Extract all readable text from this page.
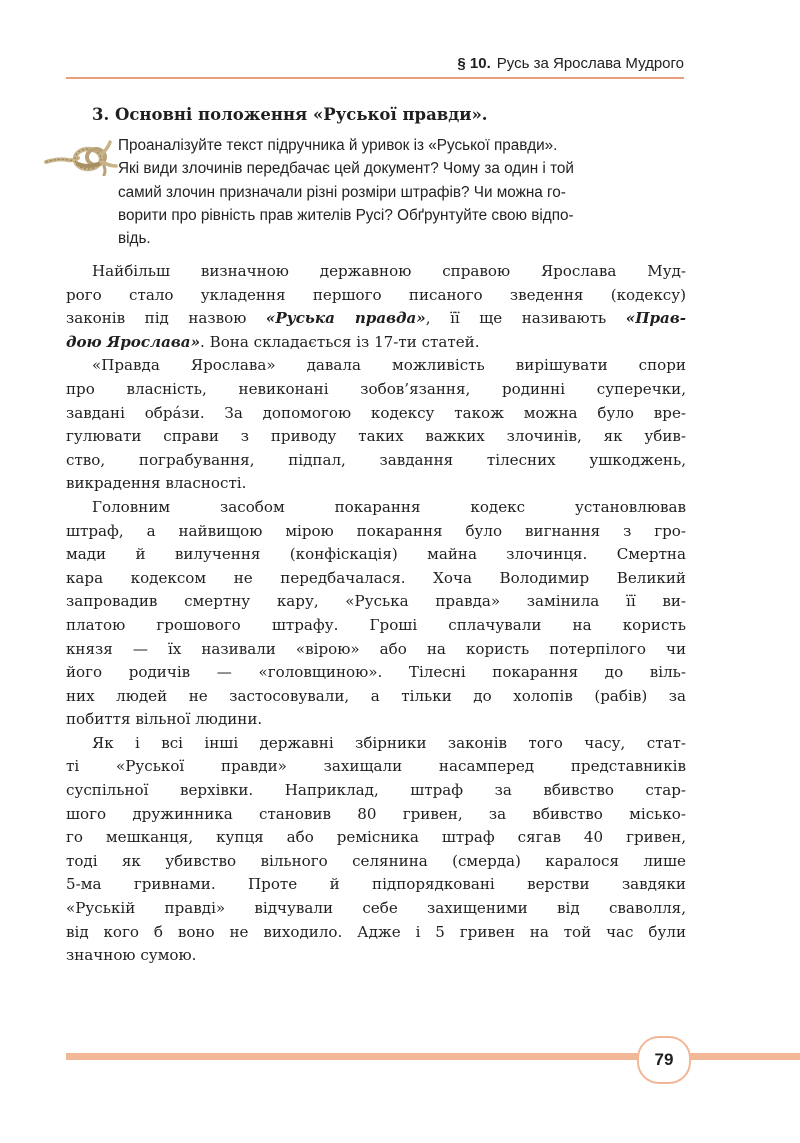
§ 10. Русь за Ярослава Мудрого
3. Основні положення «Руської правди».
Проаналізуйте текст підручника й уривок із «Руської правди».
Які види злочинів передбачає цей документ? Чому за один і той
самий злочин призначали різні розміри штрафів? Чи можна го-
ворити про рівність прав жителів Русі? Обґрунтуйте свою відпо-
відь.
Найбільш визначною державною справою Ярослава Муд-
рого стало укладення першого писаного зведення (кодексу)
законів під назвою «Руська правда», її ще називають «Прав-
дою Ярослава». Вона складається із 17-ти статей.
«Правда Ярослава» давала можливість вирішувати спори
про власність, невиконані зобов’язання, родинні суперечки,
завдані обрáзи. За допомогою кодексу також можна було вре-
гулювати справи з приводу таких важких злочинів, як убив-
ство, пограбування, підпал, завдання тілесних ушкоджень,
викрадення власності.
Головним засобом покарання кодекс установлював
штраф, а найвищою мірою покарання було вигнання з гро-
мади й вилучення (конфіскація) майна злочинця. Смертна
кара кодексом не передбачалася. Хоча Володимир Великий
запровадив смертну кару, «Руська правда» замінила її ви-
платою грошового штрафу. Гроші сплачували на користь
князя — їх називали «вірою» або на користь потерпілого чи
його родичів — «головщиною». Тілесні покарання до віль-
них людей не застосовували, а тільки до холопів (рабів) за
побиття вільної людини.
Як і всі інші державні збірники законів того часу, стат-
ті «Руської правди» захищали насамперед представників
суспільної верхівки. Наприклад, штраф за вбивство стар-
шого дружинника становив 80 гривен, за вбивство місько-
го мешканця, купця або ремісника штраф сягав 40 гривен,
тоді як убивство вільного селянина (смерда) каралося лише
5-ма гривнами. Проте й підпорядковані верстви завдяки
«Руській правді» відчували себе захищеними від сваволля,
від кого б воно не виходило. Адже і 5 гривен на той час були
значною сумою.
79
